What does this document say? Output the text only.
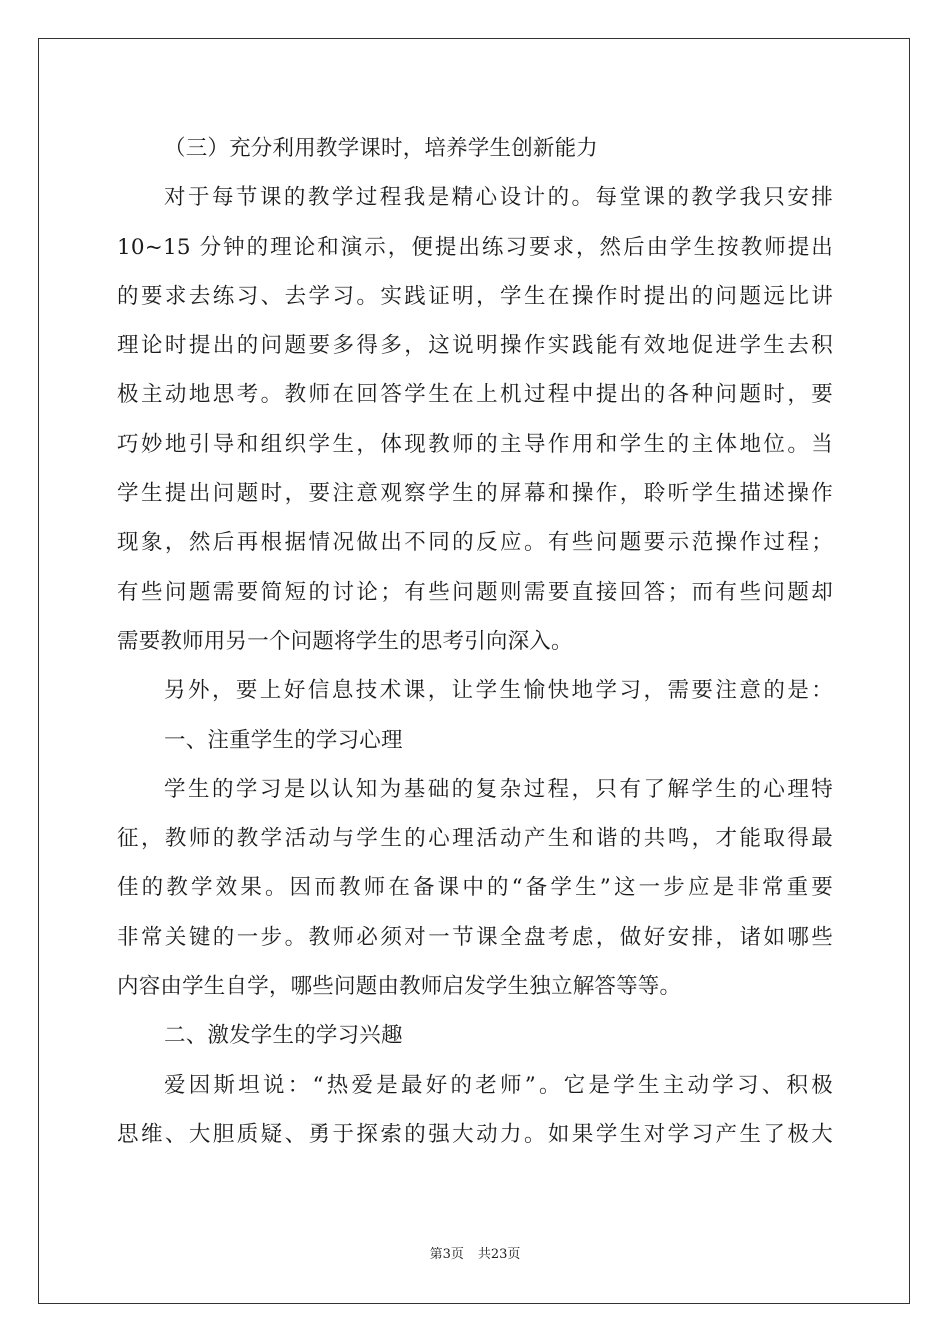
（三）充分利用教学课时，培养学生创新能力
对于每节课的教学过程我是精心设计的。每堂课的教学我只安排
10~15 分钟的理论和演示，便提出练习要求，然后由学生按教师提出
的要求去练习、去学习。实践证明，学生在操作时提出的问题远比讲
理论时提出的问题要多得多，这说明操作实践能有效地促进学生去积
极主动地思考。教师在回答学生在上机过程中提出的各种问题时，要
巧妙地引导和组织学生，体现教师的主导作用和学生的主体地位。当
学生提出问题时，要注意观察学生的屏幕和操作，聆听学生描述操作
现象，然后再根据情况做出不同的反应。有些问题要示范操作过程；
有些问题需要简短的讨论；有些问题则需要直接回答；而有些问题却
需要教师用另一个问题将学生的思考引向深入。
另外，要上好信息技术课，让学生愉快地学习，需要注意的是：
一、注重学生的学习心理
学生的学习是以认知为基础的复杂过程，只有了解学生的心理特
征，教师的教学活动与学生的心理活动产生和谐的共鸣，才能取得最
佳的教学效果。因而教师在备课中的“备学生”这一步应是非常重要
非常关键的一步。教师必须对一节课全盘考虑，做好安排，诸如哪些
内容由学生自学，哪些问题由教师启发学生独立解答等等。
二、激发学生的学习兴趣
爱因斯坦说：“热爱是最好的老师”。它是学生主动学习、积极
思维、大胆质疑、勇于探索的强大动力。如果学生对学习产生了极大
第3页 共23页
